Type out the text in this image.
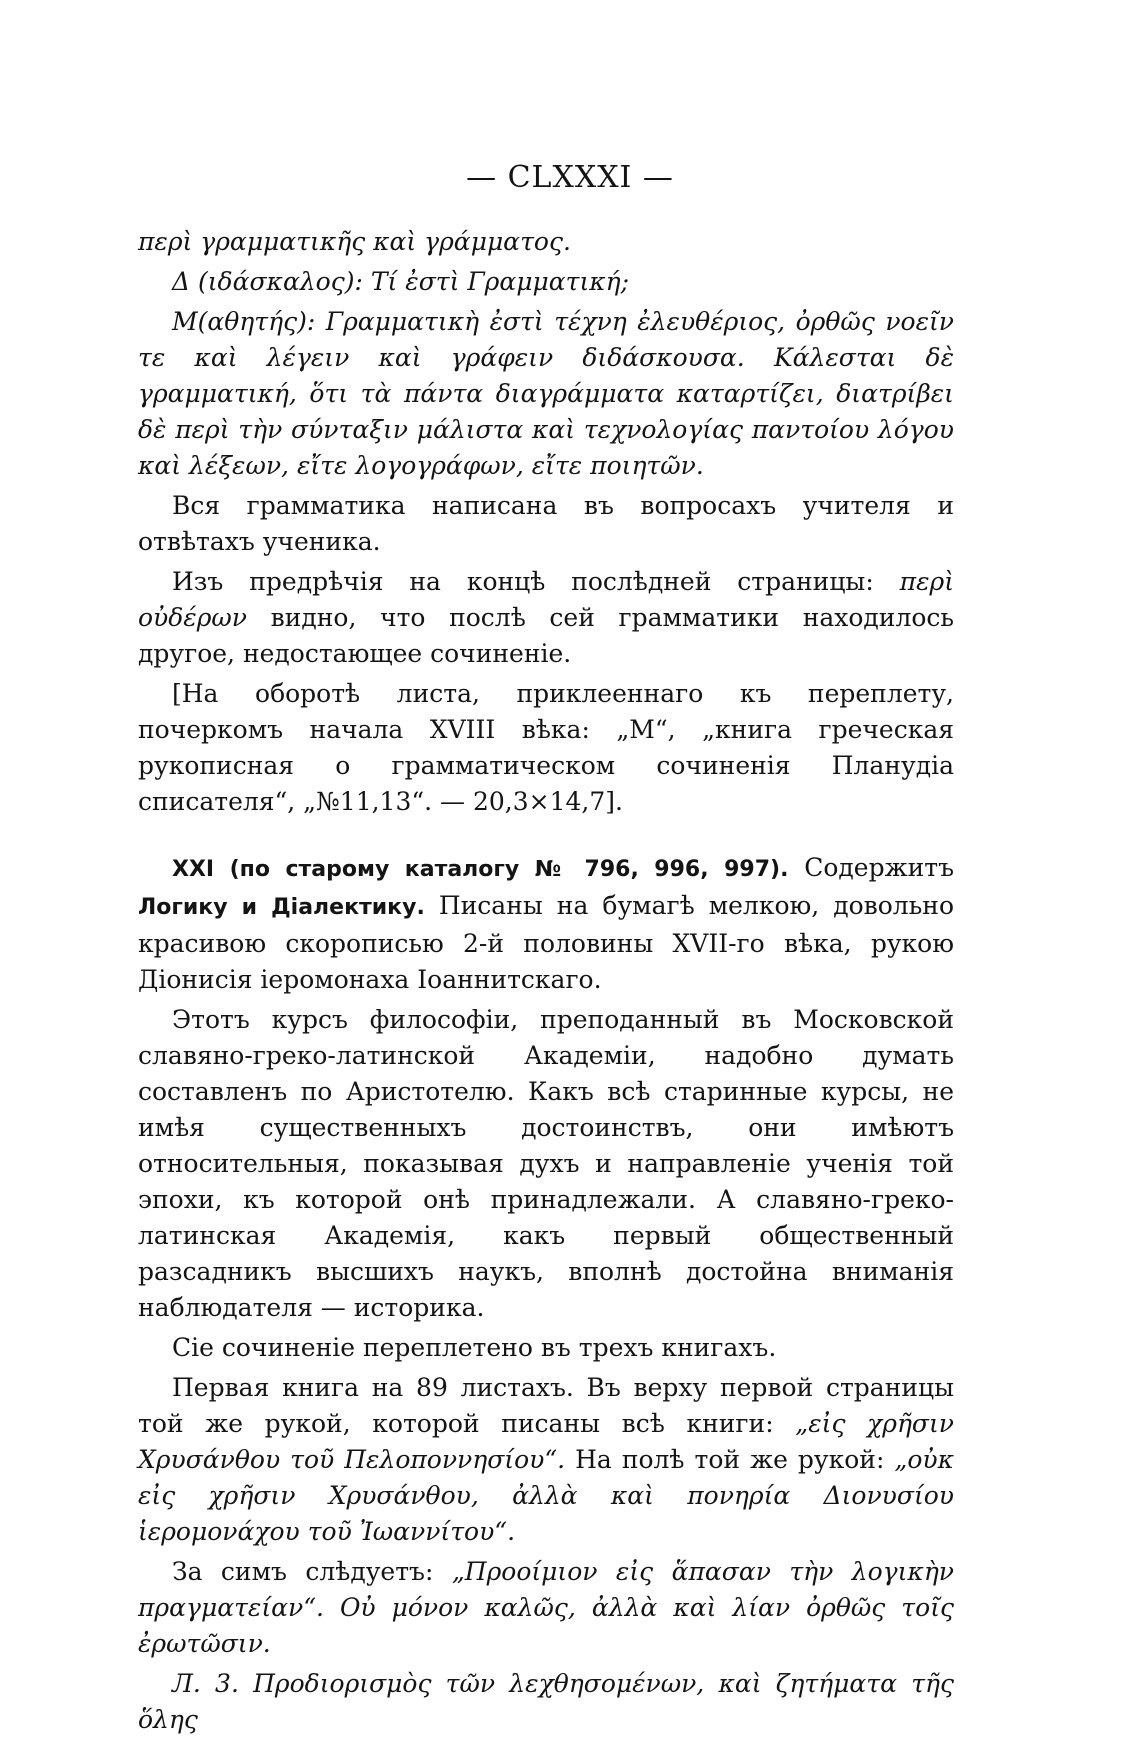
— CLXXXI —

περὶ γραμματικῆς καὶ γράμματος.

Δ (ιδάσκαλος): Τί ἐστὶ Γραμματική;

Μ(αθητής): Γραμματικὴ ἐστὶ τέχνη ἐλευθέριος, ὀρθῶς νοεῖν τε καὶ λέγειν καὶ γράφειν διδάσκουσα. Κάλεσται δὲ γραμματική, ὅτι τὰ πάντα διαγράμματα καταρτίζει, διατρίβει δὲ περὶ τὴν σύνταξιν μάλιστα καὶ τεχνολογίας παντοίου λόγου καὶ λέξεων, εἴτε λογογράφων, εἴτε ποιητῶν.

Вся грамматика написана въ вопросахъ учителя и отвѣтахъ ученика.

Изъ предрѣчія на концѣ послѣдней страницы: περὶ οὐδέρων видно, что послѣ сей грамматики находилось другое, недостающее сочиненіе.

[На оборотѣ листа, приклееннаго къ переплету, почеркомъ начала XVIII вѣка: „М“, „книга греческая рукописная о грамматическом сочиненія Планудіа списателя“, „№11,13“. — 20,3×14,7].

XXI (по старому каталогу № 796, 996, 997). Содержитъ Логику и Діалектику. Писаны на бумагѣ мелкою, довольно красивою скорописью 2-й половины XVII-го вѣка, рукою Діонисія іеромонаха Іоаннитскаго.

Этотъ курсъ философіи, преподанный въ Московской славяно-греко-латинской Академіи, надобно думать составленъ по Аристотелю. Какъ всѣ старинные курсы, не имѣя существенныхъ достоинствъ, они имѣютъ относительныя, показывая духъ и направленіе ученія той эпохи, къ которой онѣ принадлежали. А славяно-греко-латинская Академія, какъ первый общественный разсадникъ высшихъ наукъ, вполнѣ достойна вниманія наблюдателя — историка.

Сіе сочиненіе переплетено въ трехъ книгахъ.

Первая книга на 89 листахъ. Въ верху первой страницы той же рукой, которой писаны всѣ книги: „εἰς χρῆσιν Χρυσάνθου τοῦ Πελοποννησίου“. На полѣ той же рукой: „οὐκ εἰς χρῆσιν Χρυσάνθου, ἀλλὰ καὶ πονηρία Διονυσίου ἱερομονάχου τοῦ Ἰωαννίτου“.

За симъ слѣдуетъ: „Προοίμιον εἰς ἅπασαν τὴν λογικὴν πραγματείαν“. Οὐ μόνον καλῶς, ἀλλὰ καὶ λίαν ὀρθῶς τοῖς ἐρωτῶσιν.

Л. 3. Προδιορισμὸς τῶν λεχθησομένων, καὶ ζητήματα τῆς ὅλης
